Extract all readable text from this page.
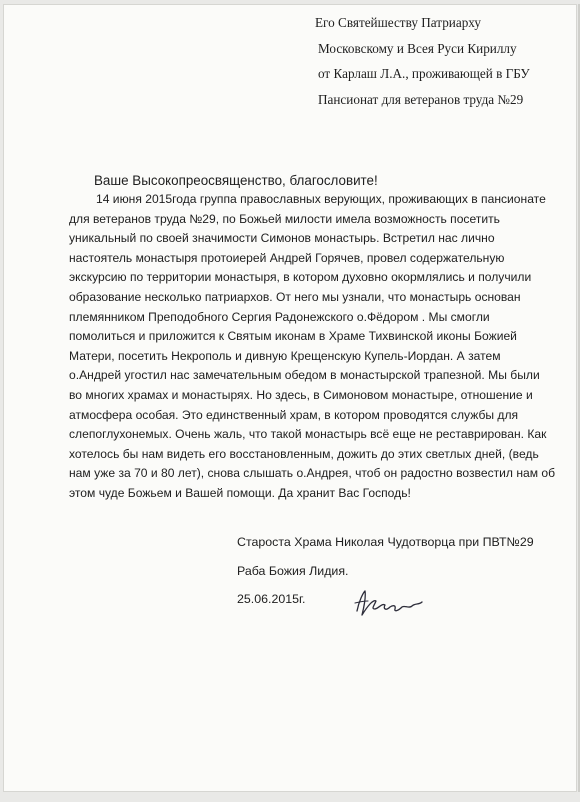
Его Святейшеству Патриарху
Московскому и Всея Руси Кириллу
от Карлаш Л.А., проживающей в ГБУ
Пансионат для ветеранов труда №29
Ваше Высокопреосвященство, благословите!
14 июня 2015года группа православных верующих, проживающих в пансионате
для ветеранов труда №29, по Божьей милости имела возможность посетить
уникальный по своей значимости Симонов монастырь. Встретил нас лично
настоятель монастыря протоиерей Андрей Горячев, провел содержательную
экскурсию по территории монастыря, в котором духовно окормлялись и получили
образование несколько патриархов. От него мы узнали, что монастырь основан
племянником Преподобного Сергия Радонежского о.Фёдором . Мы смогли
помолиться и приложится к Святым иконам в Храме Тихвинской иконы Божией
Матери, посетить Некрополь и дивную Крещенскую Купель-Иордан. А затем
о.Андрей угостил нас замечательным обедом в монастырской трапезной. Мы были
во многих храмах и монастырях. Но здесь, в Симоновом монастыре, отношение и
атмосфера особая. Это единственный храм, в котором проводятся службы для
слепоглухонемых. Очень жаль, что такой монастырь всё еще не реставрирован. Как
хотелось бы нам видеть его восстановленным, дожить до этих светлых дней, (ведь
нам уже за 70 и 80 лет), снова слышать о.Андрея, чтоб он радостно возвестил нам об
этом чуде Божьем и Вашей помощи. Да хранит Вас Господь!
Староста Храма Николая Чудотворца при ПВТ№29
Раба Божия Лидия.
25.06.2015г.
